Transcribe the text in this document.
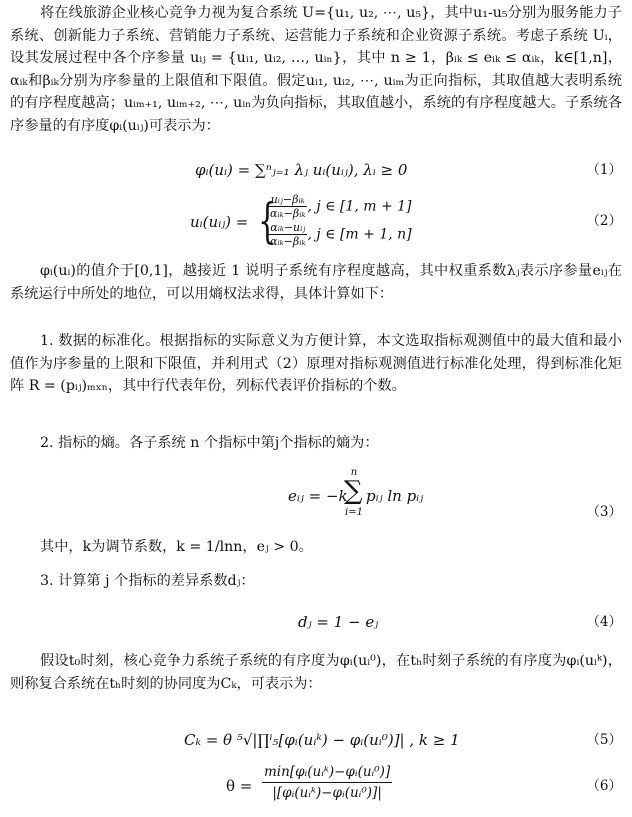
将在线旅游企业核心竞争力视为复合系统 U={u₁, u₂, ⋯, u₅}，其中u₁-u₅分别为服务能力子系统、创新能力子系统、营销能力子系统、运营能力子系统和企业资源子系统。考虑子系统 Uᵢ，设其发展过程中各个序参量 uᵢⱼ = {uᵢ₁, uᵢ₂, …, uᵢₙ}，其中 n ≥ 1，βᵢₖ ≤ eᵢₖ ≤ αᵢₖ，k∈[1,n]，αᵢₖ和βᵢₖ分别为序参量的上限值和下限值。假定uᵢ₁, uᵢ₂, ⋯, uᵢₘ为正向指标，其取值越大表明系统的有序程度越高；uᵢₘ₊₁, uᵢₘ₊₂, ⋯, uᵢₙ为负向指标，其取值越小，系统的有序程度越大。子系统各序参量的有序度φᵢ(uᵢⱼ)可表示为：

φᵢ(uᵢ) = ∑ⁿⱼ₌₁ λⱼ uᵢ(uᵢⱼ), λᵢ ≥ 0	（1）
uᵢ(uᵢⱼ) = {
$\frac{\text{uᵢⱼ−βᵢₖ}}{\text{αᵢₖ−βᵢₖ}}$ , j ∈ [1, m + 1]
$\frac{\text{αᵢₖ−uᵢⱼ}}{\text{αᵢₖ−βᵢₖ}}$ , j ∈ [m + 1, n]
（2）

φᵢ(uᵢ)的值介于[0,1]，越接近 1 说明子系统有序程度越高，其中权重系数λⱼ表示序参量eᵢⱼ在系统运行中所处的地位，可以用熵权法求得，具体计算如下：

1. 数据的标准化。根据指标的实际意义为方便计算，本文选取指标观测值中的最大值和最小值作为序参量的上限和下限值，并利用式（2）原理对指标观测值进行标准化处理，得到标准化矩阵 R = (pᵢⱼ)ₘₓₙ，其中行代表年份，列标代表评价指标的个数。

2. 指标的熵。各子系统 n 个指标中第j个指标的熵为：

eᵢⱼ = −k
n
∑
i=1
pᵢⱼ ln pᵢⱼ
（3）

其中，k为调节系数，k = 1/lnn，eⱼ > 0。

3. 计算第 j 个指标的差异系数dⱼ：

dⱼ = 1 − eⱼ	（4）

假设t₀时刻，核心竞争力系统子系统的有序度为φᵢ(uᵢ⁰)，在tₕ时刻子系统的有序度为φᵢ(uᵢᵏ)，则称复合系统在tₕ时刻的协同度为Cₖ，可表示为：

Cₖ = θ ⁵√|∏ⁱ₅[φᵢ(uᵢᵏ) − φᵢ(uᵢ⁰)]| , k ≥ 1	（5）
$\theta = \frac{\text{min[φᵢ(uᵢᵏ)−φᵢ(uᵢ⁰)]}}{\text{|[φᵢ(uᵢᵏ)−φᵢ(uᵢ⁰)]|}}$	（6）
